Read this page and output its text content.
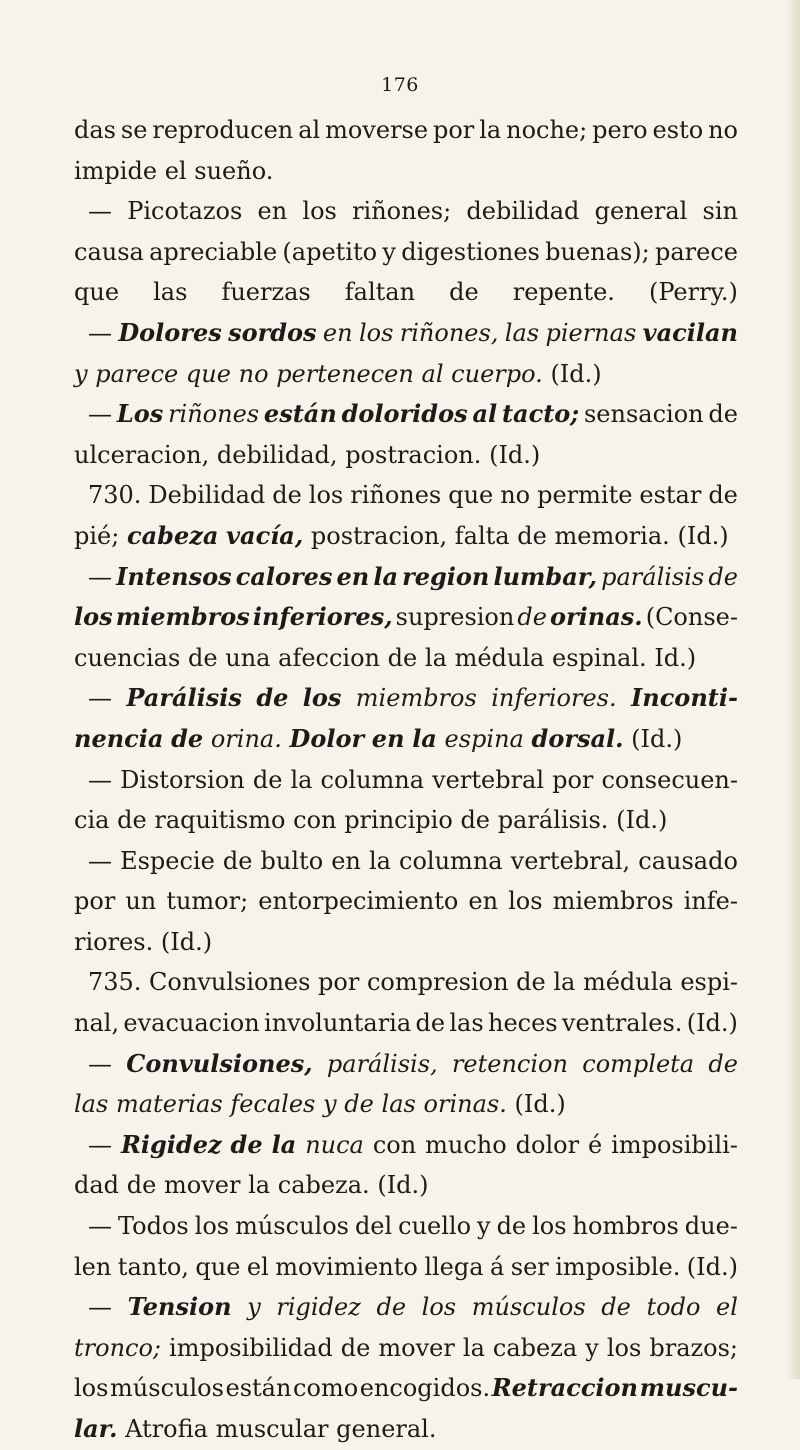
176
das se reproducen al moverse por la noche; pero esto no
impide el sueño.
— Picotazos en los riñones; debilidad general sin
causa apreciable (apetito y digestiones buenas); parece
que las fuerzas faltan de repente. (Perry.)
— Dolores sordos en los riñones, las piernas vacilan
y parece que no pertenecen al cuerpo. (Id.)
— Los riñones están doloridos al tacto; sensacion de
ulceracion, debilidad, postracion. (Id.)
730. Debilidad de los riñones que no permite estar de
pié; cabeza vacía, postracion, falta de memoria. (Id.)
— Intensos calores en la region lumbar, parálisis de
los miembros inferiores, supresion de orinas. (Conse-
cuencias de una afeccion de la médula espinal. Id.)
— Parálisis de los miembros inferiores. Inconti-
nencia de orina. Dolor en la espina dorsal. (Id.)
— Distorsion de la columna vertebral por consecuen-
cia de raquitismo con principio de parálisis. (Id.)
— Especie de bulto en la columna vertebral, causado
por un tumor; entorpecimiento en los miembros infe-
riores. (Id.)
735. Convulsiones por compresion de la médula espi-
nal, evacuacion involuntaria de las heces ventrales. (Id.)
— Convulsiones, parálisis, retencion completa de
las materias fecales y de las orinas. (Id.)
— Rigidez de la nuca con mucho dolor é imposibili-
dad de mover la cabeza. (Id.)
— Todos los músculos del cuello y de los hombros due-
len tanto, que el movimiento llega á ser imposible. (Id.)
— Tension y rigidez de los músculos de todo el
tronco; imposibilidad de mover la cabeza y los brazos;
los músculos están como encogidos. Retraccion muscu-
lar. Atrofia muscular general.
